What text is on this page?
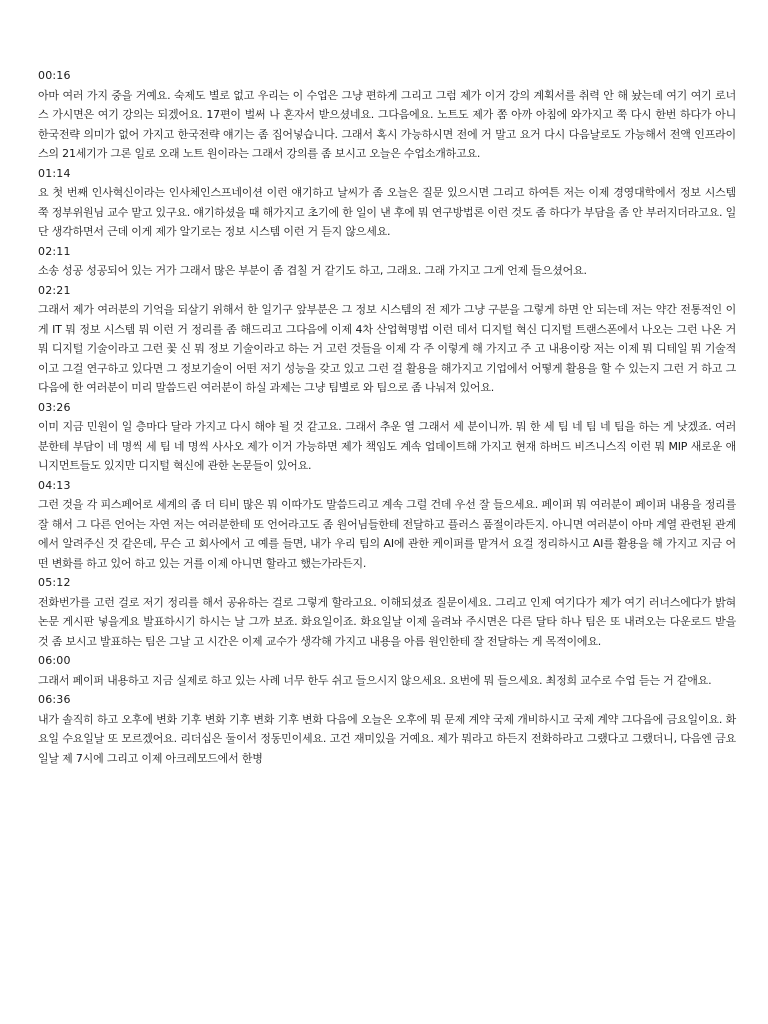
00:16

아마 여러 가지 중을 거예요. 숙제도 별로 없고 우리는 이 수업은 그냥 편하게 그리고 그럼 제가 이거 강의 계획서를 취력 안 해 놨는데 여기 여기 로너스 가시면은 여기 강의는 되겠어요. 17편이 벌써 나 혼자서 받으셨네요. 그다음에요. 노트도 제가 쫌 아까 아침에 와가지고 쭉 다시 한번 하다가 아니 한국전략 의미가 없어 가지고 한국전략 얘기는 좀 집어넣습니다. 그래서 혹시 가능하시면 전에 거 말고 요거 다시 다음날로도 가능해서 전액 인프라이스의 21세기가 그론 일로 오래 노트 원이라는 그래서 강의를 좀 보시고 오늘은 수업소개하고요.

01:14

요 첫 번째 인사혁신이라는 인사체인스프네이션 이런 얘기하고 날씨가 좀 오늘은 질문 있으시면 그리고 하여튼 저는 이제 경영대학에서 정보 시스템 쭉 정부위원님 교수 맡고 있구요. 얘기하셨을 때 해가지고 초기에 한 일이 낸 후에 뭐 연구방법론 이런 것도 좀 하다가 부담을 좀 안 부러지더라고요. 일단 생각하면서 근데 이게 제가 알기로는 정보 시스템 이런 거 듣지 않으세요.

02:11

소송 성공 성공되어 있는 거가 그래서 많은 부분이 좀 겹칠 거 같기도 하고, 그래요. 그래 가지고 그게 언제 들으셨어요.

02:21

그래서 제가 여러분의 기억을 되살기 위해서 한 일기구 앞부분은 그 정보 시스템의 전 제가 그냥 구분을 그렇게 하면 안 되는데 저는 약간 전통적인 이게 IT 뭐 정보 시스템 뭐 이런 거 정리를 좀 해드리고 그다음에 이제 4차 산업혁명법 이런 데서 디지털 혁신 디지털 트랜스폰에서 나오는 그런 나온 거 뭐 디지털 기술이라고 그런 꽃 신 뭐 정보 기술이라고 하는 거 고런 것들을 이제 각 주 이렇게 해 가지고 주 고 내용이랑 저는 이제 뭐 디테일 뭐 기술적이고 그걸 연구하고 있다면 그 정보기술이 어떤 저기 성능을 갖고 있고 그런 걸 활용을 해가지고 기업에서 어떻게 활용을 할 수 있는지 그런 거 하고 그다음에 한 여러분이 미리 말씀드린 여러분이 하실 과제는 그냥 팀별로 와 팀으로 좀 나눠져 있어요.

03:26

이미 지금 민원이 일 층마다 달라 가지고 다시 해야 될 것 같고요. 그래서 추운 열 그래서 세 분이니까. 뭐 한 세 팀 네 팀 네 팀을 하는 게 낫겠죠. 여러분한테 부담이 네 명씩 세 팀 네 명씩 사사오 제가 이거 가능하면 제가 책임도 계속 업데이트해 가지고 현재 하버드 비즈니스직 이런 뭐 MIP 새로운 애니지먼트들도 있지만 디지털 혁신에 관한 논문들이 있어요.

04:13

그런 것을 각 피스페어로 세계의 좀 더 티비 많은 뭐 이따가도 말씀드리고 계속 그럴 건데 우선 잘 들으세요. 페이퍼 뭐 여러분이 페이퍼 내용을 정리를 잘 해서 그 다른 언어는 자연 저는 여러분한테 또 언어라고도 좀 원어님들한테 전달하고 플러스 품절이라든지. 아니면 여러분이 아마 계열 관련된 관계에서 알려주신 것 같은데, 무슨 고 회사에서 고 예를 들면, 내가 우리 팀의 AI에 관한 케이퍼를 맡겨서 요걸 정리하시고 AI를 활용을 해 가지고 지금 어떤 변화를 하고 있어 하고 있는 거를 이제 아니면 할라고 했는가라든지.

05:12

전화번가를 고런 걸로 저기 정리를 해서 공유하는 걸로 그렇게 할라고요. 이해되셨죠 질문이세요. 그리고 인제 여기다가 제가 여기 러너스에다가 밝혀 논문 게시판 넣을게요 발표하시기 하시는 날 그까 보죠. 화요일이죠. 화요일날 이제 올려놔 주시면은 다른 달타 하나 팀은 또 내려오는 다운로드 받을 것 좀 보시고 발표하는 팀은 그날 고 시간은 이제 교수가 생각해 가지고 내용을 아름 원인한테 잘 전달하는 게 목적이에요.

06:00

그래서 페이퍼 내용하고 지금 실제로 하고 있는 사례 너무 한두 쉬고 들으시지 않으세요. 요번에 뭐 들으세요. 최정희 교수로 수업 듣는 거 같애요.

06:36

내가 솔직히 하고 오후에 변화 기후 변화 기후 변화 기후 변화 다음에 오늘은 오후에 뭐 문제 계약 국제 개비하시고 국제 계약 그다음에 금요일이요. 화요일 수요일날 또 모르겠어요. 리더십은 둘이서 정동민이세요. 고건 재미있을 거예요. 제가 뭐라고 하든지 전화하라고 그랬다고 그랬더니, 다음엔 금요일날 제 7시에 그리고 이제 아크레모드에서 한병
